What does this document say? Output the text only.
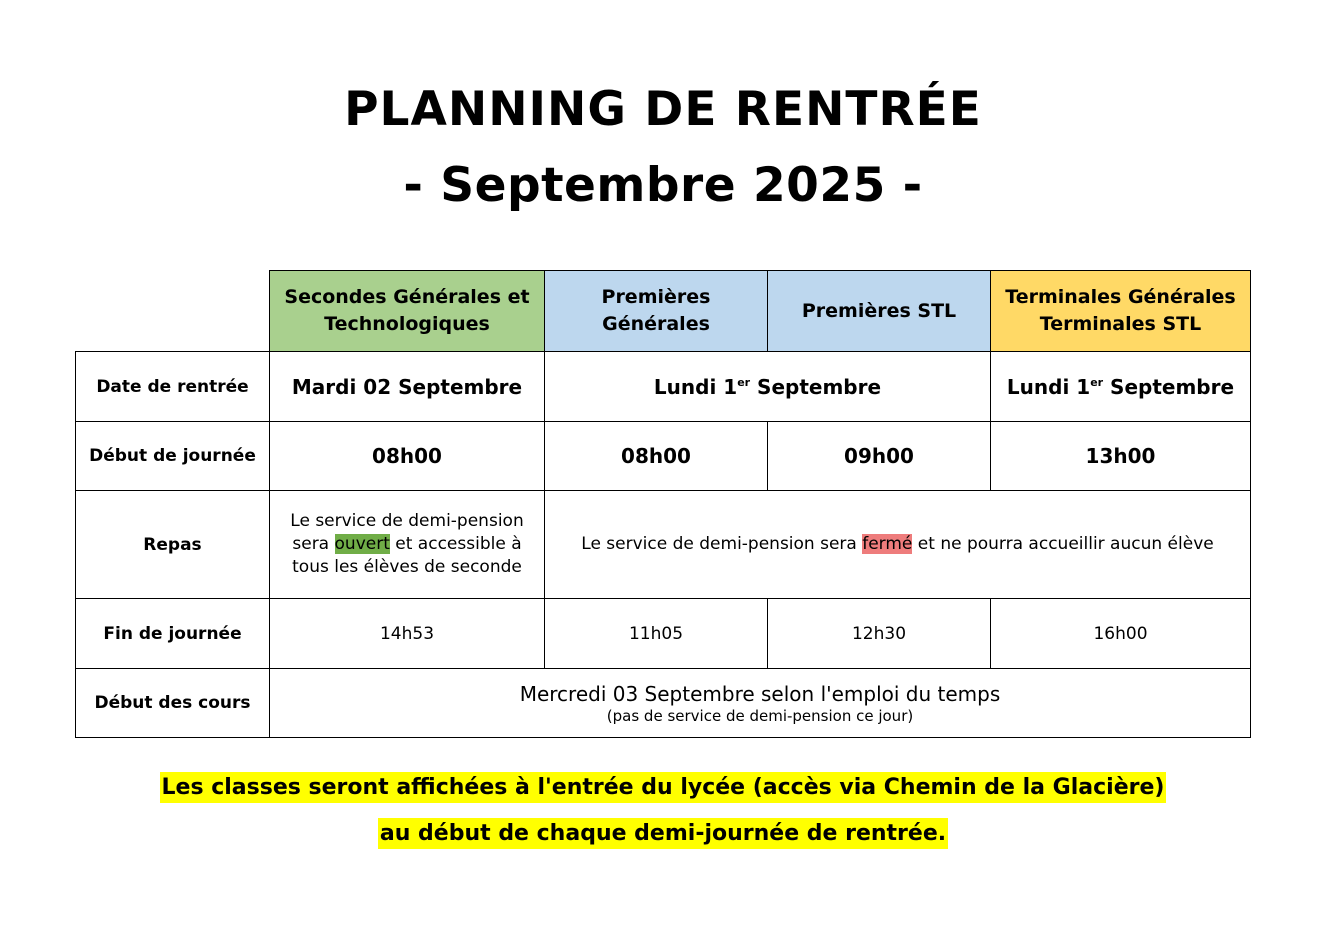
PLANNING DE RENTRÉE
- Septembre 2025 -
	Secondes Générales et Technologiques	Premières Générales	Premières STL	Terminales Générales
Terminales STL
Date de rentrée	Mardi 02 Septembre	Lundi 1er Septembre		Lundi 1er Septembre
Début de journée	08h00	08h00	09h00	13h00
Repas	Le service de demi-pension sera ouvert et accessible à tous les élèves de seconde	Le service de demi-pension sera fermé et ne pourra accueillir aucun élève		
Fin de journée	14h53	11h05	12h30	16h00
Début des cours	Mercredi 03 Septembre selon l'emploi du temps
(pas de service de demi-pension ce jour)			
Les classes seront affichées à l'entrée du lycée (accès via Chemin de la Glacière)
au début de chaque demi-journée de rentrée.
